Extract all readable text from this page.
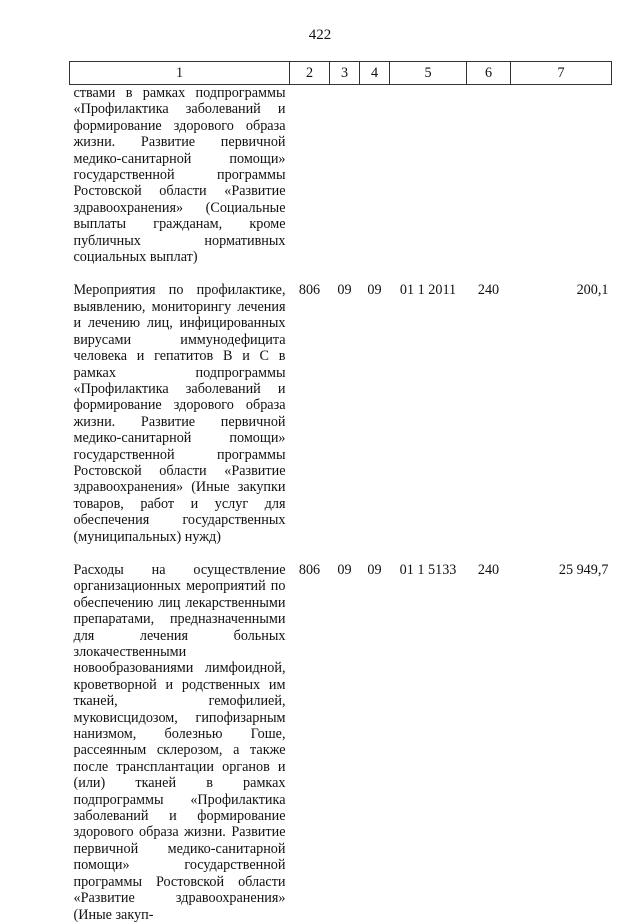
422
1	2	3	4	5	6	7
ствами в рамках подпрограммы «Профилактика заболеваний и формирование здорового образа жизни. Развитие первичной медико-санитарной помощи» государственной программы Ростовской области «Развитие здравоохранения» (Социальные выплаты гражданам, кроме публичных нормативных социальных выплат)						
Мероприятия по профилактике, выявлению, мониторингу лечения и лечению лиц, инфицированных вирусами иммунодефицита человека и гепатитов B и C в рамках подпрограммы «Профилактика заболеваний и формирование здорового образа жизни. Развитие первичной медико-санитарной помощи» государственной программы Ростовской области «Развитие здравоохранения» (Иные закупки товаров, работ и услуг для обеспечения государственных (муниципальных) нужд)	806	09	09	01 1 2011	240	200,1
Расходы на осуществление организационных мероприятий по обеспечению лиц лекарственными препаратами, предназначенными для лечения больных злокачественными новообразованиями лимфоидной, кроветворной и родственных им тканей, гемофилией, муковисцидозом, гипофизарным нанизмом, болезнью Гоше, рассеянным склерозом, а также после трансплантации органов и (или) тканей в рамках подпрограммы «Профилактика заболеваний и формирование здорового образа жизни. Развитие первичной медико-санитарной помощи» государственной программы Ростовской области «Развитие здравоохранения» (Иные закуп-	806	09	09	01 1 5133	240	25 949,7
